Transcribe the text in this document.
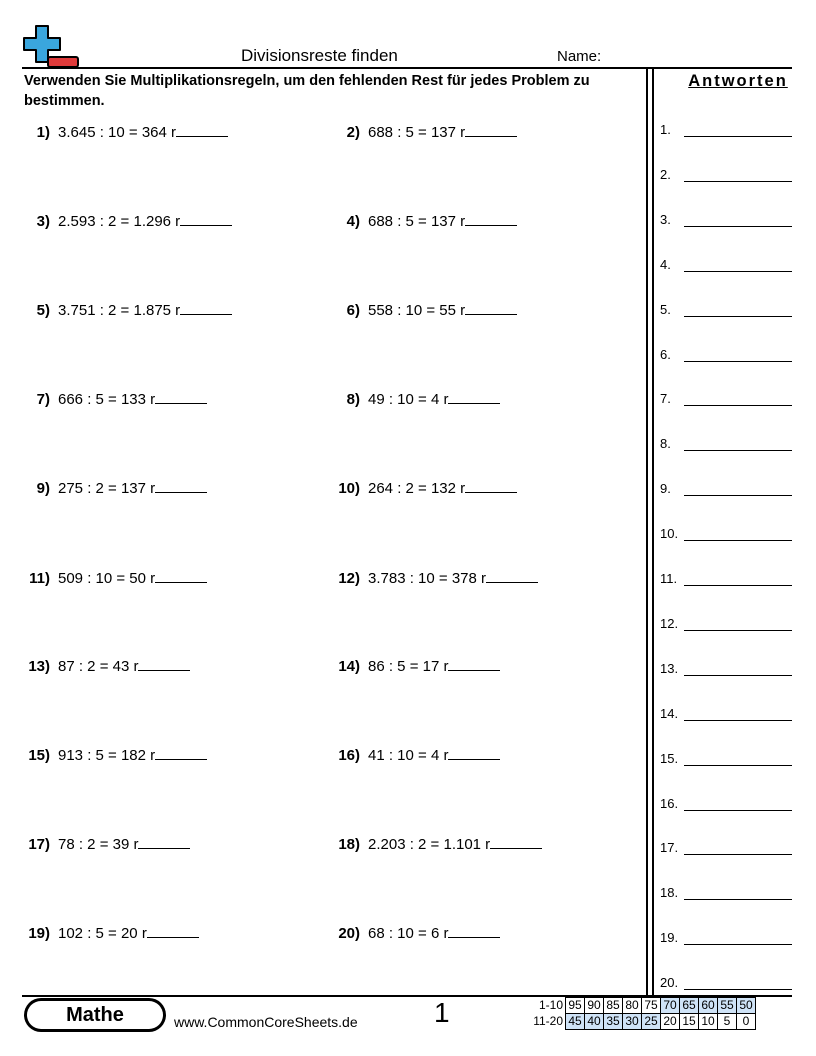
Divisionsreste finden	Name:
Verwenden Sie Multiplikationsregeln, um den fehlenden Rest für jedes Problem zu bestimmen.
1) 3.645 : 10 = 364 r	2) 688 : 5 = 137 r
3) 2.593 : 2 = 1.296 r	4) 688 : 5 = 137 r
5) 3.751 : 2 = 1.875 r	6) 558 : 10 = 55 r
7) 666 : 5 = 133 r	8) 49 : 10 = 4 r
9) 275 : 2 = 137 r	10) 264 : 2 = 132 r
11) 509 : 10 = 50 r	12) 3.783 : 10 = 378 r
13) 87 : 2 = 43 r	14) 86 : 5 = 17 r
15) 913 : 5 = 182 r	16) 41 : 10 = 4 r
17) 78 : 2 = 39 r	18) 2.203 : 2 = 1.101 r
19) 102 : 5 = 20 r	20) 68 : 10 = 6 r
Antworten
1.
2.
3.
4.
5.
6.
7.
8.
9.
10.
11.
12.
13.
14.
15.
16.
17.
18.
19.
20.
Mathe	www.CommonCoreSheets.de	1	1-10	95	90	85	80	75	70	65	60	55	50
11-20	45	40	35	30	25	20	15	10	5	0
